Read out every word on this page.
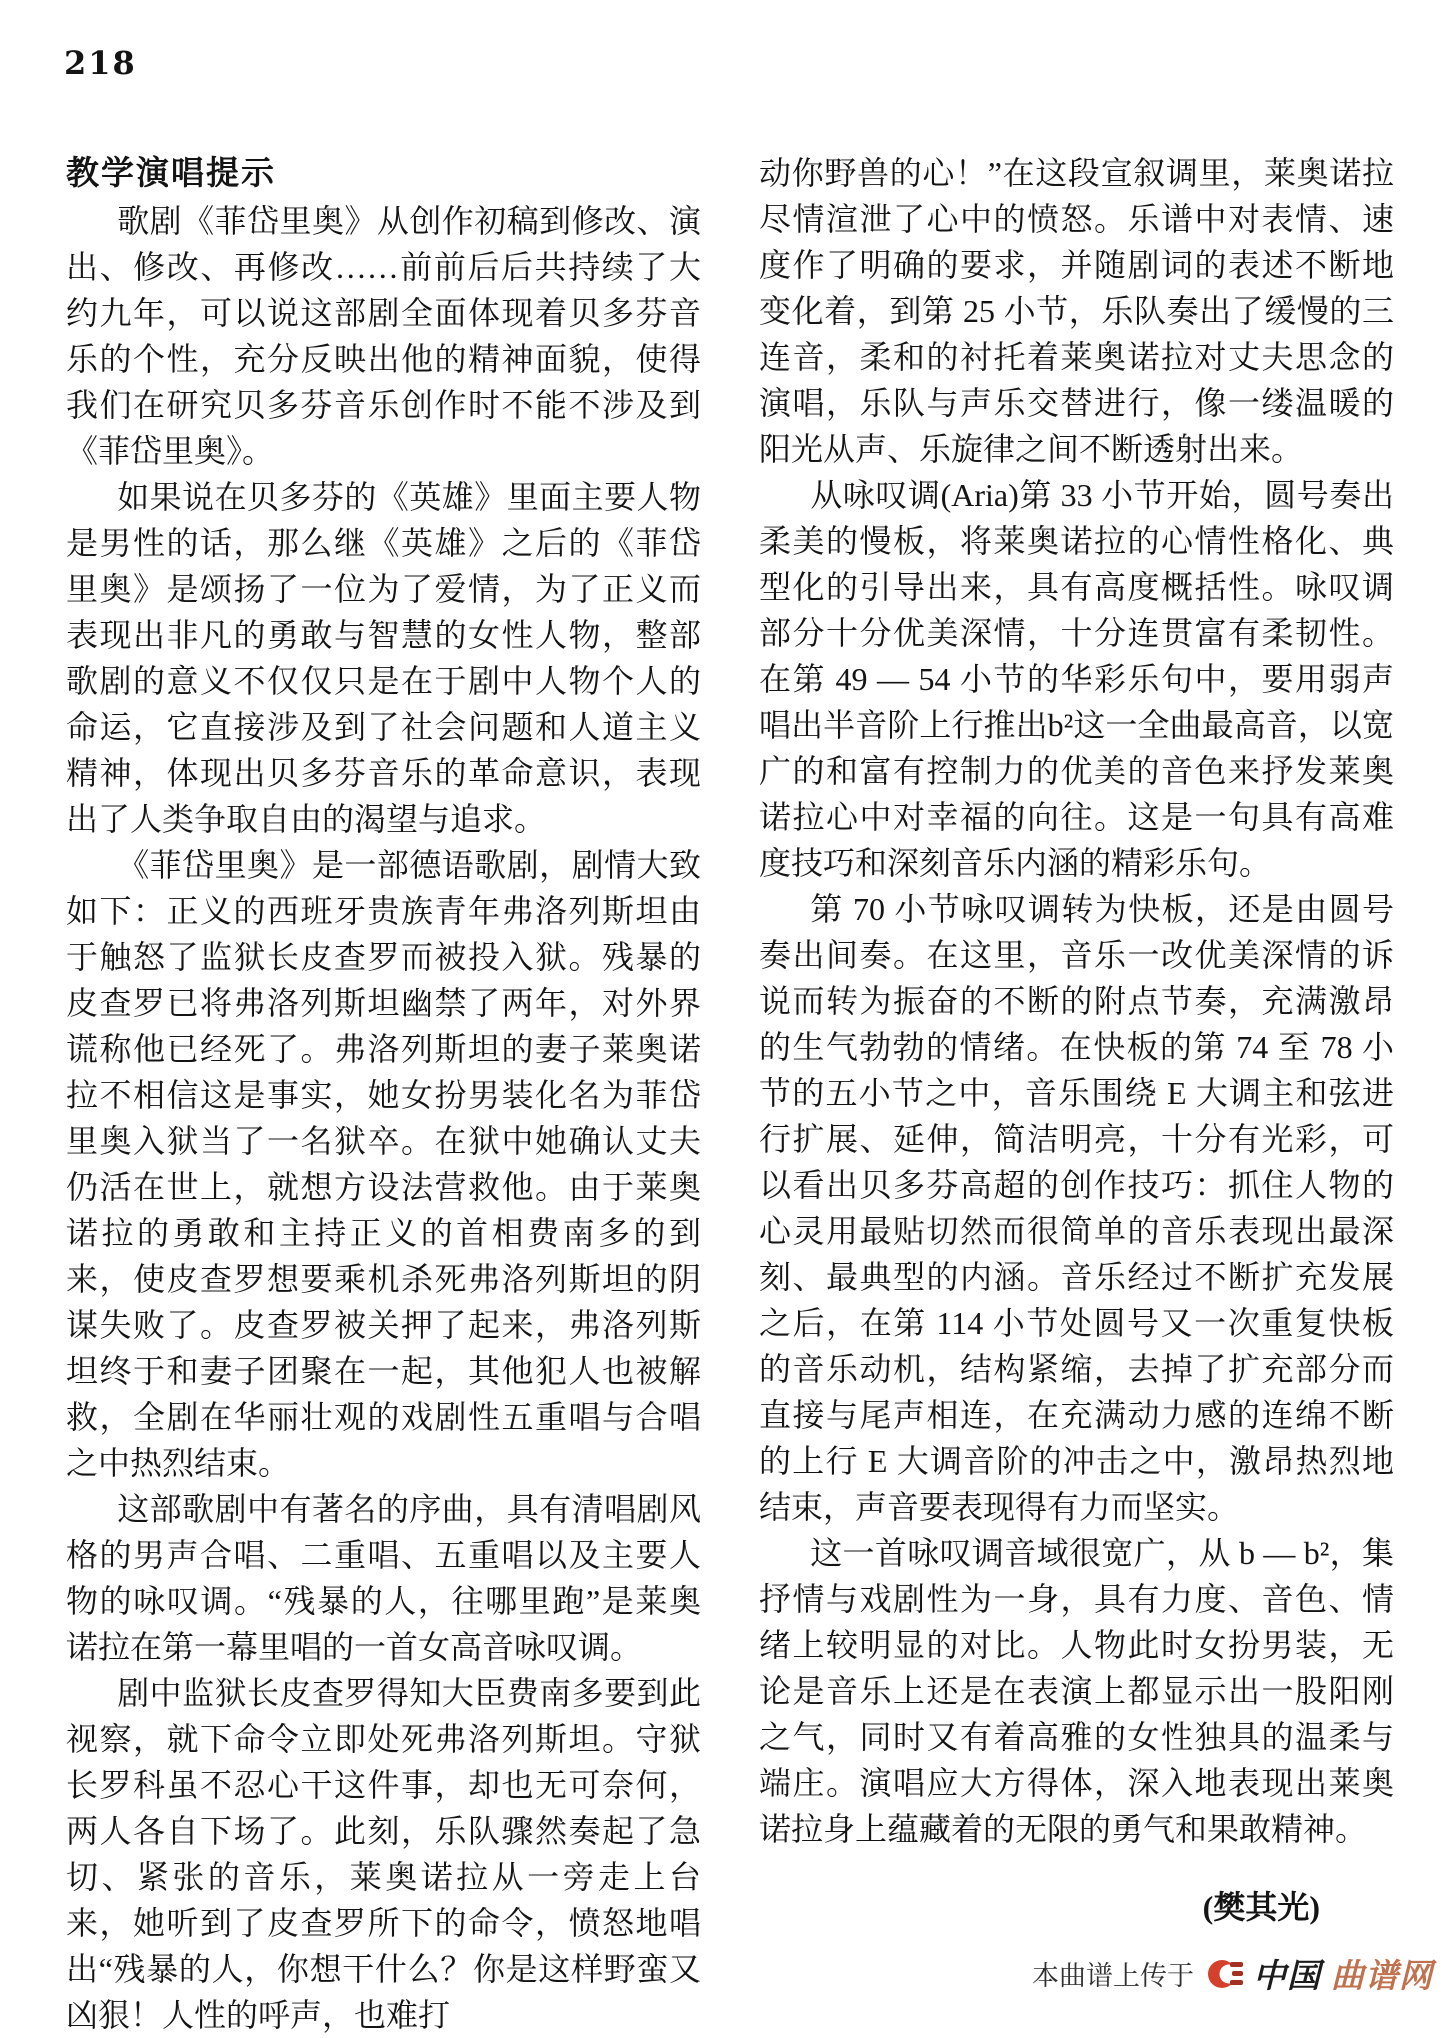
218
教学演唱提示

歌剧《菲岱里奥》从创作初稿到修改、演出、修改、再修改……前前后后共持续了大约九年，可以说这部剧全面体现着贝多芬音乐的个性，充分反映出他的精神面貌，使得我们在研究贝多芬音乐创作时不能不涉及到《菲岱里奥》。

如果说在贝多芬的《英雄》里面主要人物是男性的话，那么继《英雄》之后的《菲岱里奥》是颂扬了一位为了爱情，为了正义而表现出非凡的勇敢与智慧的女性人物，整部歌剧的意义不仅仅只是在于剧中人物个人的命运，它直接涉及到了社会问题和人道主义精神，体现出贝多芬音乐的革命意识，表现出了人类争取自由的渴望与追求。

《菲岱里奥》是一部德语歌剧，剧情大致如下：正义的西班牙贵族青年弗洛列斯坦由于触怒了监狱长皮查罗而被投入狱。残暴的皮查罗已将弗洛列斯坦幽禁了两年，对外界谎称他已经死了。弗洛列斯坦的妻子莱奥诺拉不相信这是事实，她女扮男装化名为菲岱里奥入狱当了一名狱卒。在狱中她确认丈夫仍活在世上，就想方设法营救他。由于莱奥诺拉的勇敢和主持正义的首相费南多的到来，使皮查罗想要乘机杀死弗洛列斯坦的阴谋失败了。皮查罗被关押了起来，弗洛列斯坦终于和妻子团聚在一起，其他犯人也被解救，全剧在华丽壮观的戏剧性五重唱与合唱之中热烈结束。

这部歌剧中有著名的序曲，具有清唱剧风格的男声合唱、二重唱、五重唱以及主要人物的咏叹调。“残暴的人，往哪里跑”是莱奥诺拉在第一幕里唱的一首女高音咏叹调。

剧中监狱长皮查罗得知大臣费南多要到此视察，就下命令立即处死弗洛列斯坦。守狱长罗科虽不忍心干这件事，却也无可奈何，两人各自下场了。此刻，乐队骤然奏起了急切、紧张的音乐，莱奥诺拉从一旁走上台来，她听到了皮查罗所下的命令，愤怒地唱出“残暴的人，你想干什么？你是这样野蛮又凶狠！人性的呼声，也难打

动你野兽的心！”在这段宣叙调里，莱奥诺拉尽情渲泄了心中的愤怒。乐谱中对表情、速度作了明确的要求，并随剧词的表述不断地变化着，到第 25 小节，乐队奏出了缓慢的三连音，柔和的衬托着莱奥诺拉对丈夫思念的演唱，乐队与声乐交替进行，像一缕温暖的阳光从声、乐旋律之间不断透射出来。

从咏叹调(Aria)第 33 小节开始，圆号奏出柔美的慢板，将莱奥诺拉的心情性格化、典型化的引导出来，具有高度概括性。咏叹调部分十分优美深情，十分连贯富有柔韧性。在第 49 — 54 小节的华彩乐句中，要用弱声唱出半音阶上行推出b²这一全曲最高音，以宽广的和富有控制力的优美的音色来抒发莱奥诺拉心中对幸福的向往。这是一句具有高难度技巧和深刻音乐内涵的精彩乐句。

第 70 小节咏叹调转为快板，还是由圆号奏出间奏。在这里，音乐一改优美深情的诉说而转为振奋的不断的附点节奏，充满激昂的生气勃勃的情绪。在快板的第 74 至 78 小节的五小节之中，音乐围绕 E 大调主和弦进行扩展、延伸，简洁明亮，十分有光彩，可以看出贝多芬高超的创作技巧：抓住人物的心灵用最贴切然而很简单的音乐表现出最深刻、最典型的内涵。音乐经过不断扩充发展之后，在第 114 小节处圆号又一次重复快板的音乐动机，结构紧缩，去掉了扩充部分而直接与尾声相连，在充满动力感的连绵不断的上行 E 大调音阶的冲击之中，激昂热烈地结束，声音要表现得有力而坚实。

这一首咏叹调音域很宽广，从 b — b²，集抒情与戏剧性为一身，具有力度、音色、情绪上较明显的对比。人物此时女扮男装，无论是音乐上还是在表演上都显示出一股阳刚之气，同时又有着高雅的女性独具的温柔与端庄。演唱应大方得体，深入地表现出莱奥诺拉身上蕴藏着的无限的勇气和果敢精神。

(樊其光)
本曲谱上传于 中国 曲谱网
